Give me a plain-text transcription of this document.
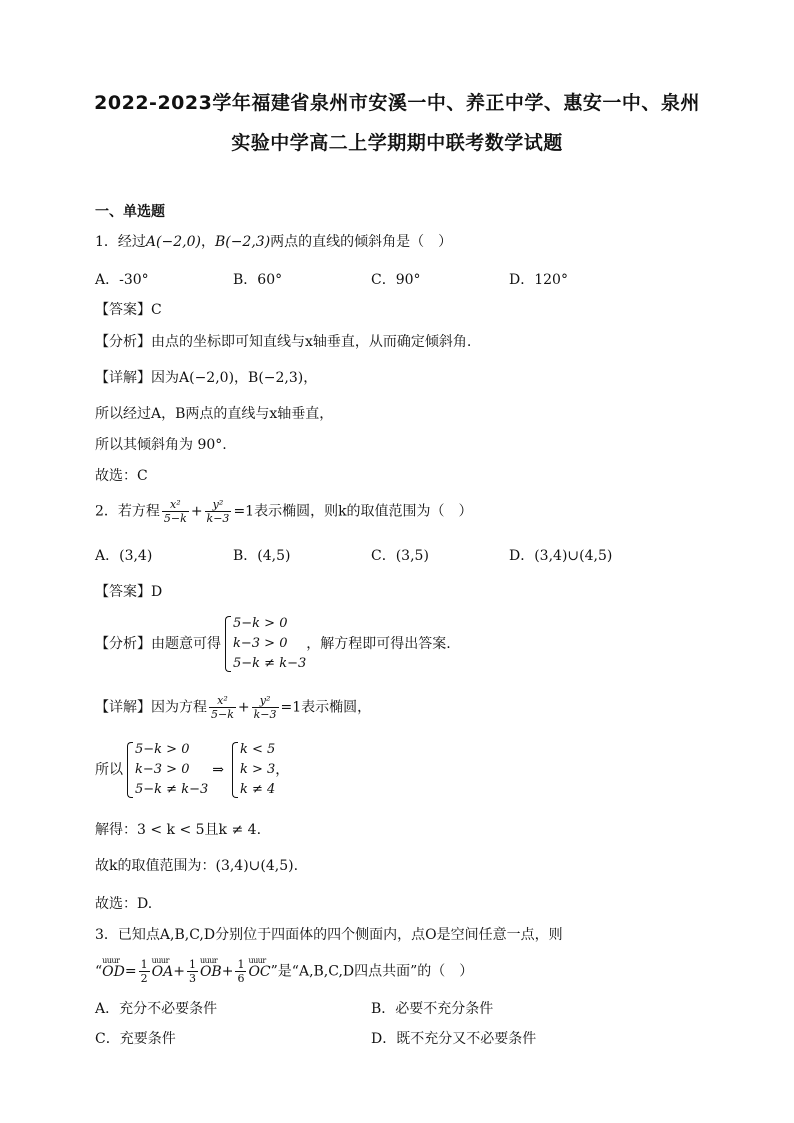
2022-2023学年福建省泉州市安溪一中、养正中学、惠安一中、泉州
实验中学高二上学期期中联考数学试题
一、单选题
1．经过A(−2,0)，B(−2,3)两点的直线的倾斜角是（　）
A．-30°	B．60°	C．90°	D．120°
【答案】C
【分析】由点的坐标即可知直线与x轴垂直，从而确定倾斜角.
【详解】因为A(−2,0)，B(−2,3)，
所以经过A，B两点的直线与x轴垂直，
所以其倾斜角为 90°.
故选：C
2．若方程 $\frac{\text{x²}}{5-k} + \frac{\text{y²}}{k-3} =1$表示椭圆，则k的取值范围为（　）
A．(3,4)	B．(4,5)	C．(3,5)	D．(3,4)∪(4,5)
【答案】D
【分析】由题意可得
5−k > 0
k−3 > 0
5−k ≠ k−3
，解方程即可得出答案.
【详解】因为方程 $\frac{\text{x²}}{5-k} + \frac{\text{y²}}{k-3} =1$表示椭圆，
所以
5−k > 0
k−3 > 0
5−k ≠ k−3
⇒
k < 5
k > 3
k ≠ 4
，
解得：3 < k < 5且k ≠ 4.
故k的取值范围为：(3,4)∪(4,5).
故选：D.
3．已知点A,B,C,D分别位于四面体的四个侧面内，点O是空间任意一点，则
“uuur $OD= \frac{1}{2}$ uuur $OA+ \frac{1}{3}$ uuur $OB+ \frac{1}{6}$ uuur OC”是“A,B,C,D四点共面”的（　）
A．充分不必要条件	B．必要不充分条件
C．充要条件	D．既不充分又不必要条件
